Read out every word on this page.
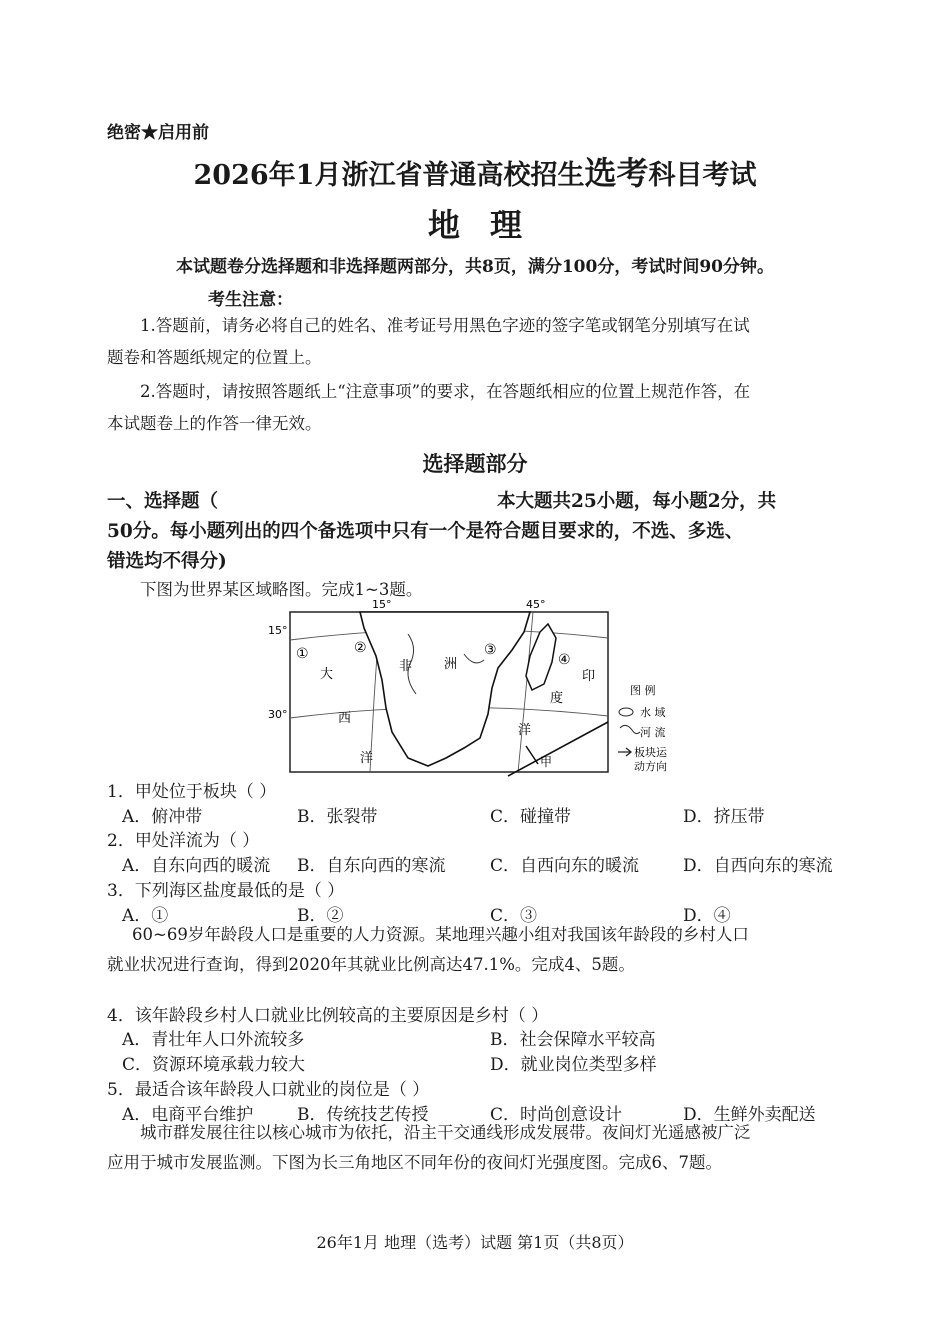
绝密★启用前
2026年1月浙江省普通高校招生选考科目考试
地理
本试题卷分选择题和非选择题两部分，共8页，满分100分，考试时间90分钟。
考生注意：
1.答题前，请务必将自己的姓名、准考证号用黑色字迹的签字笔或钢笔分别填写在试
题卷和答题纸规定的位置上。
2.答题时，请按照答题纸上“注意事项”的要求，在答题纸相应的位置上规范作答，在
本试题卷上的作答一律无效。
选择题部分
一、选择题（	本大题共25小题，每小题2分，共
50分。每小题列出的四个备选项中只有一个是符合题目要求的，不选、多选、
错选均不得分)
下图为世界某区域略图。完成1~3题。
15°	45°
15°
30°
①	②	③
④
非 洲
大
西
洋
印
度
洋
甲
图 例
水 域
河 流
板块运
动方向
1．甲处位于板块（ ）
A．俯冲带	B．张裂带	C．碰撞带	D．挤压带
2．甲处洋流为（ ）
A．自东向西的暖流 B．自东向西的寒流	C．自西向东的暖流	D．自西向东的寒流
3．下列海区盐度最低的是（ ）
A．①	B．②	C．③	D．④
60~69岁年龄段人口是重要的人力资源。某地理兴趣小组对我国该年龄段的乡村人口
就业状况进行查询，得到2020年其就业比例高达47.1%。完成4、5题。
4．该年龄段乡村人口就业比例较高的主要原因是乡村（ ）
A．青壮年人口外流较多	B．社会保障水平较高
C．资源环境承载力较大	D．就业岗位类型多样
5．最适合该年龄段人口就业的岗位是（ ）
A．电商平台维护	B．传统技艺传授	C．时尚创意设计	D．生鲜外卖配送
城市群发展往往以核心城市为依托，沿主干交通线形成发展带。夜间灯光遥感被广泛
应用于城市发展监测。下图为长三角地区不同年份的夜间灯光强度图。完成6、7题。
26年1月 地理（选考）试题 第1页（共8页）
